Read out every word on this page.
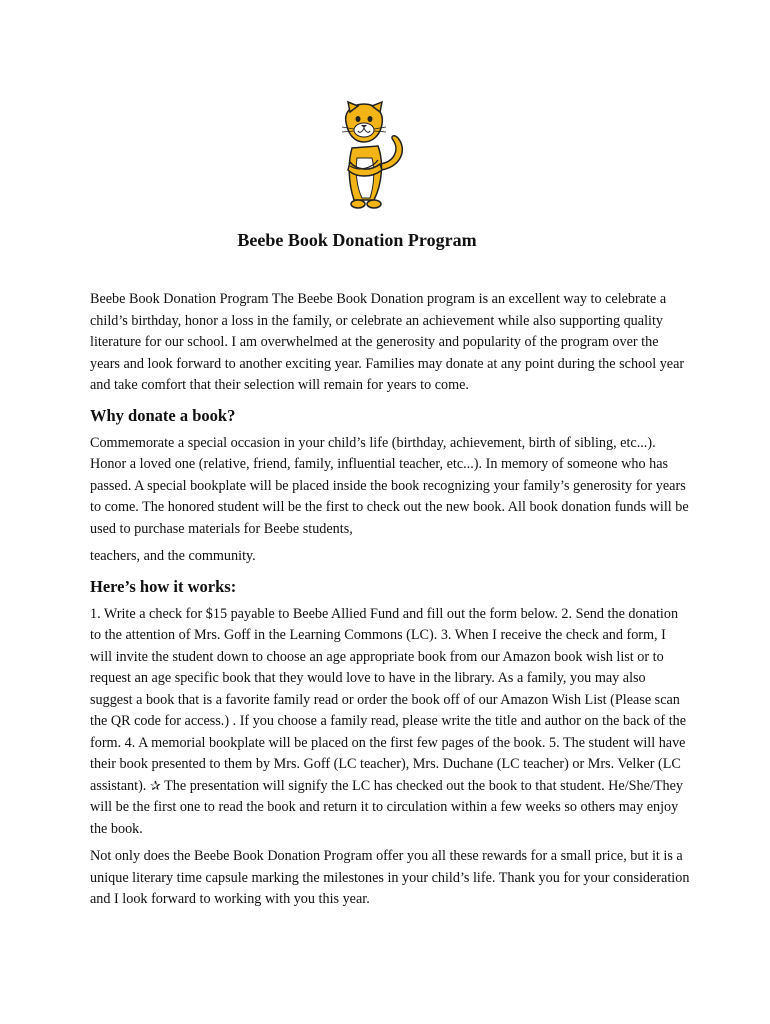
Beebe Book Donation Program

Beebe Book Donation Program The Beebe Book Donation program is an excellent way to celebrate a child’s birthday, honor a loss in the family, or celebrate an achievement while also supporting quality literature for our school. I am overwhelmed at the generosity and popularity of the program over the years and look forward to another exciting year. Families may donate at any point during the school year and take comfort that their selection will remain for years to come.

Why donate a book?

Commemorate a special occasion in your child’s life (birthday, achievement, birth of sibling, etc...). Honor a loved one (relative, friend, family, influential teacher, etc...). In memory of someone who has passed. A special bookplate will be placed inside the book recognizing your family’s generosity for years to come. The honored student will be the first to check out the new book. All book donation funds will be used to purchase materials for Beebe students,

teachers, and the community.

Here’s how it works:

1. Write a check for $15 payable to Beebe Allied Fund and fill out the form below. 2. Send the donation to the attention of Mrs. Goff in the Learning Commons (LC). 3. When I receive the check and form, I will invite the student down to choose an age appropriate book from our Amazon book wish list or to request an age specific book that they would love to have in the library. As a family, you may also suggest a book that is a favorite family read or order the book off of our Amazon Wish List (Please scan the QR code for access.) . If you choose a family read, please write the title and author on the back of the form. 4. A memorial bookplate will be placed on the first few pages of the book. 5. The student will have their book presented to them by Mrs. Goff (LC teacher), Mrs. Duchane (LC teacher) or Mrs. Velker (LC assistant). ✰ The presentation will signify the LC has checked out the book to that student. He/She/They will be the first one to read the book and return it to circulation within a few weeks so others may enjoy the book.

Not only does the Beebe Book Donation Program offer you all these rewards for a small price, but it is a unique literary time capsule marking the milestones in your child’s life. Thank you for your consideration and I look forward to working with you this year.
